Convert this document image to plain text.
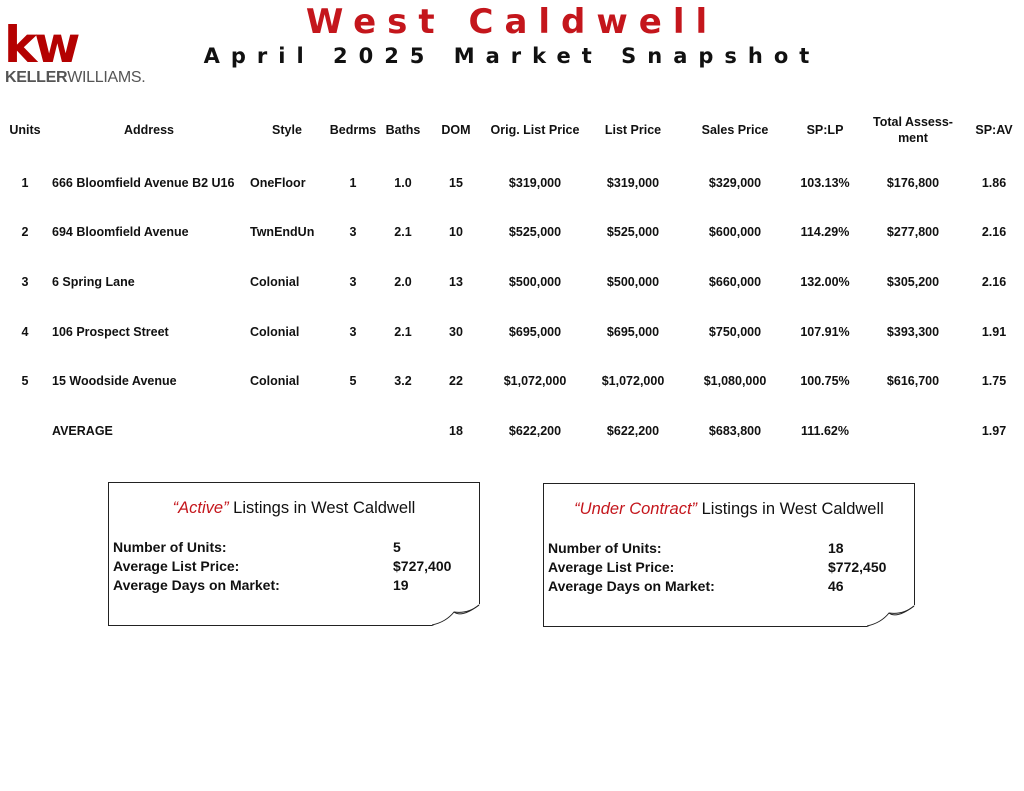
kw
KELLERWILLIAMS.
West Caldwell
April 2025 Market Snapshot
Units	Address	Style	Bedrms	Baths	DOM	Orig. List Price	List Price	Sales Price	SP:LP	Total Assess-ment	SP:AV
1	666 Bloomfield Avenue B2 U16	OneFloor	1	1.0	15	$319,000	$319,000	$329,000	103.13%	$176,800	1.86
2	694 Bloomfield Avenue	TwnEndUn	3	2.1	10	$525,000	$525,000	$600,000	114.29%	$277,800	2.16
3	6 Spring Lane	Colonial	3	2.0	13	$500,000	$500,000	$660,000	132.00%	$305,200	2.16
4	106 Prospect Street	Colonial	3	2.1	30	$695,000	$695,000	$750,000	107.91%	$393,300	1.91
5	15 Woodside Avenue	Colonial	5	3.2	22	$1,072,000	$1,072,000	$1,080,000	100.75%	$616,700	1.75
	AVERAGE				18	$622,200	$622,200	$683,800	111.62%		1.97
“Active” Listings in West Caldwell
Number of Units:	5
Average List Price:	$727,400
Average Days on Market:	19
“Under Contract” Listings in West Caldwell
Number of Units:	18
Average List Price:	$772,450
Average Days on Market:	46
